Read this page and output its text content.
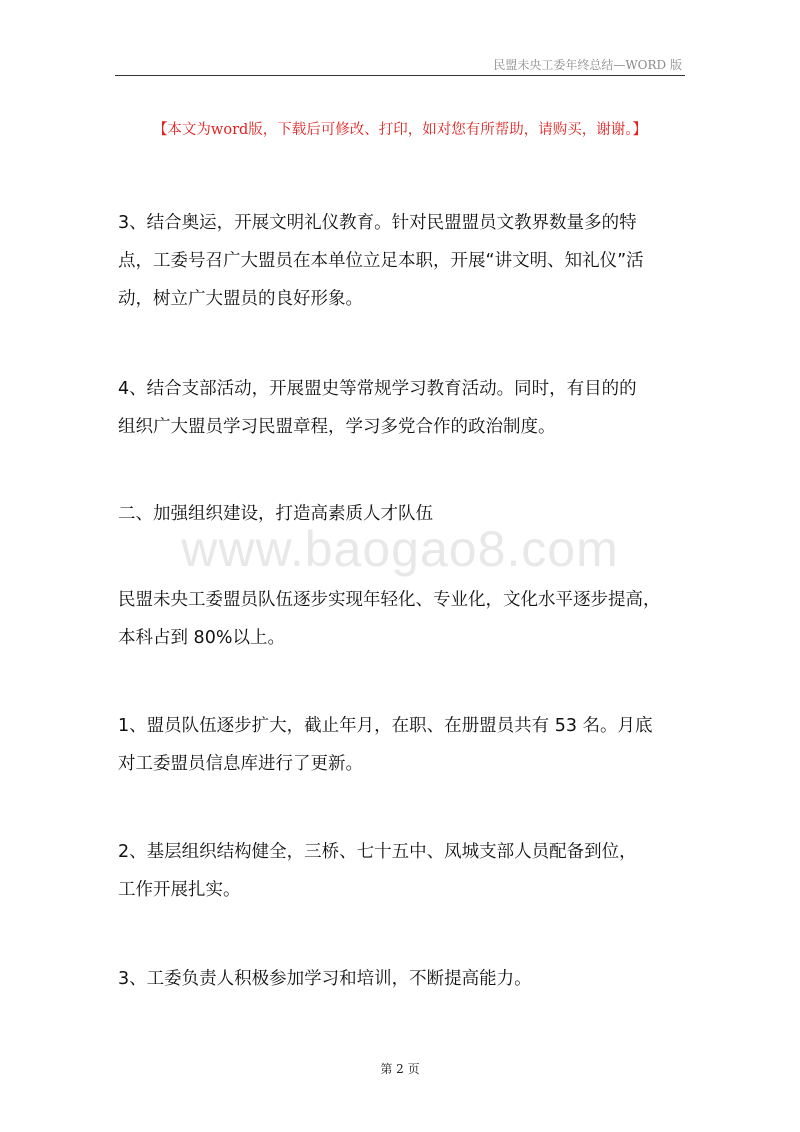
民盟未央工委年终总结—WORD 版
【本文为word版，下载后可修改、打印，如对您有所帮助，请购买，谢谢。】
www.baogao8.com
3、结合奥运，开展文明礼仪教育。针对民盟盟员文教界数量多的特
点，工委号召广大盟员在本单位立足本职，开展“讲文明、知礼仪”活
动，树立广大盟员的良好形象。
4、结合支部活动，开展盟史等常规学习教育活动。同时，有目的的
组织广大盟员学习民盟章程，学习多党合作的政治制度。
二、加强组织建设，打造高素质人才队伍
民盟未央工委盟员队伍逐步实现年轻化、专业化，文化水平逐步提高，
本科占到 80%以上。
1、盟员队伍逐步扩大，截止年月，在职、在册盟员共有 53 名。月底
对工委盟员信息库进行了更新。
2、基层组织结构健全，三桥、七十五中、凤城支部人员配备到位，
工作开展扎实。
3、工委负责人积极参加学习和培训，不断提高能力。
第 2 页
